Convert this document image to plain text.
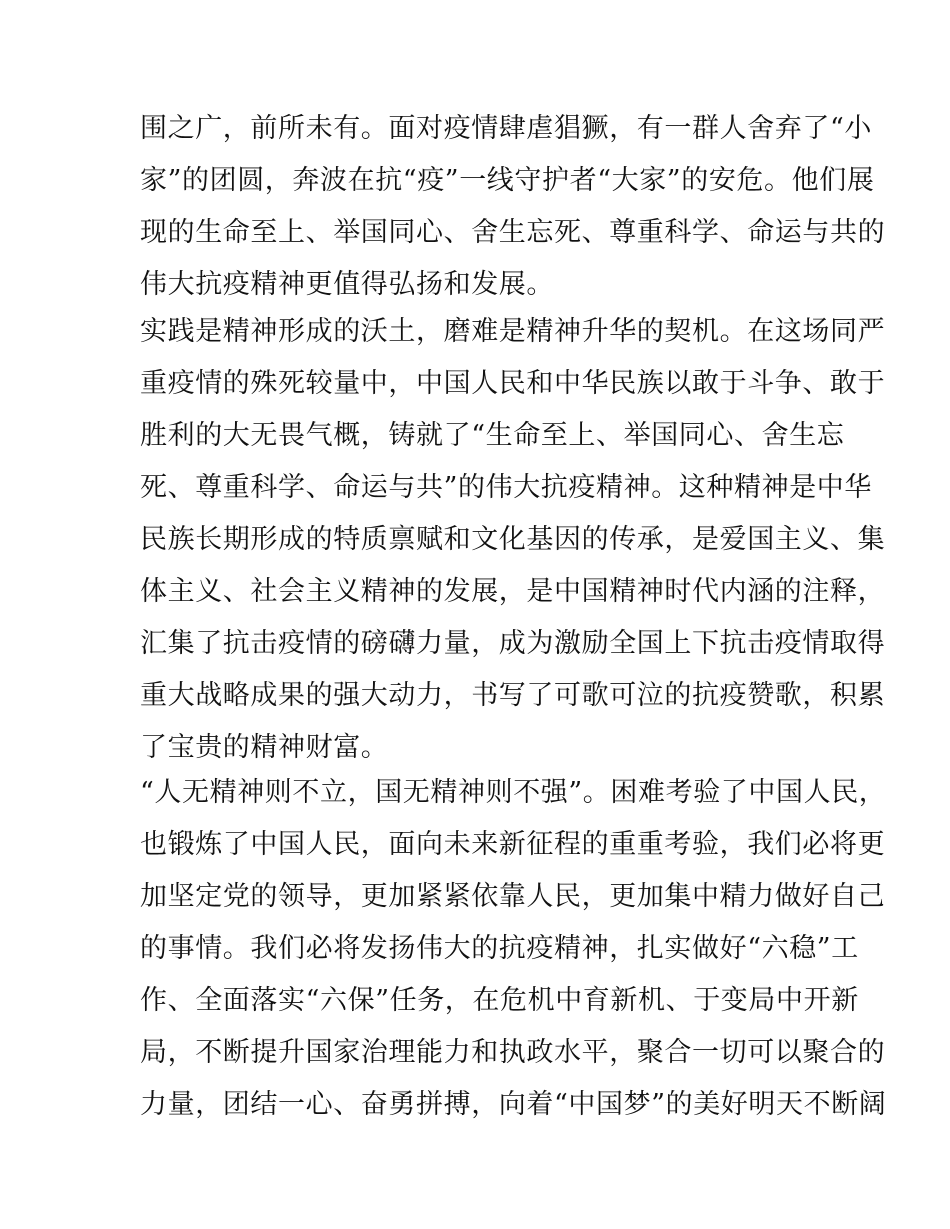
围之广，前所未有。面对疫情肆虐猖獗，有一群人舍弃了“小
家”的团圆，奔波在抗“疫”一线守护者“大家”的安危。他们展
现的生命至上、举国同心、舍生忘死、尊重科学、命运与共的
伟大抗疫精神更值得弘扬和发展。
实践是精神形成的沃土，磨难是精神升华的契机。在这场同严
重疫情的殊死较量中，中国人民和中华民族以敢于斗争、敢于
胜利的大无畏气概，铸就了“生命至上、举国同心、舍生忘
死、尊重科学、命运与共”的伟大抗疫精神。这种精神是中华
民族长期形成的特质禀赋和文化基因的传承，是爱国主义、集
体主义、社会主义精神的发展，是中国精神时代内涵的注释，
汇集了抗击疫情的磅礴力量，成为激励全国上下抗击疫情取得
重大战略成果的强大动力，书写了可歌可泣的抗疫赞歌，积累
了宝贵的精神财富。
“人无精神则不立，国无精神则不强”。困难考验了中国人民，
也锻炼了中国人民，面向未来新征程的重重考验，我们必将更
加坚定党的领导，更加紧紧依靠人民，更加集中精力做好自己
的事情。我们必将发扬伟大的抗疫精神，扎实做好“六稳”工
作、全面落实“六保”任务，在危机中育新机、于变局中开新
局，不断提升国家治理能力和执政水平，聚合一切可以聚合的
力量，团结一心、奋勇拼搏，向着“中国梦”的美好明天不断阔
